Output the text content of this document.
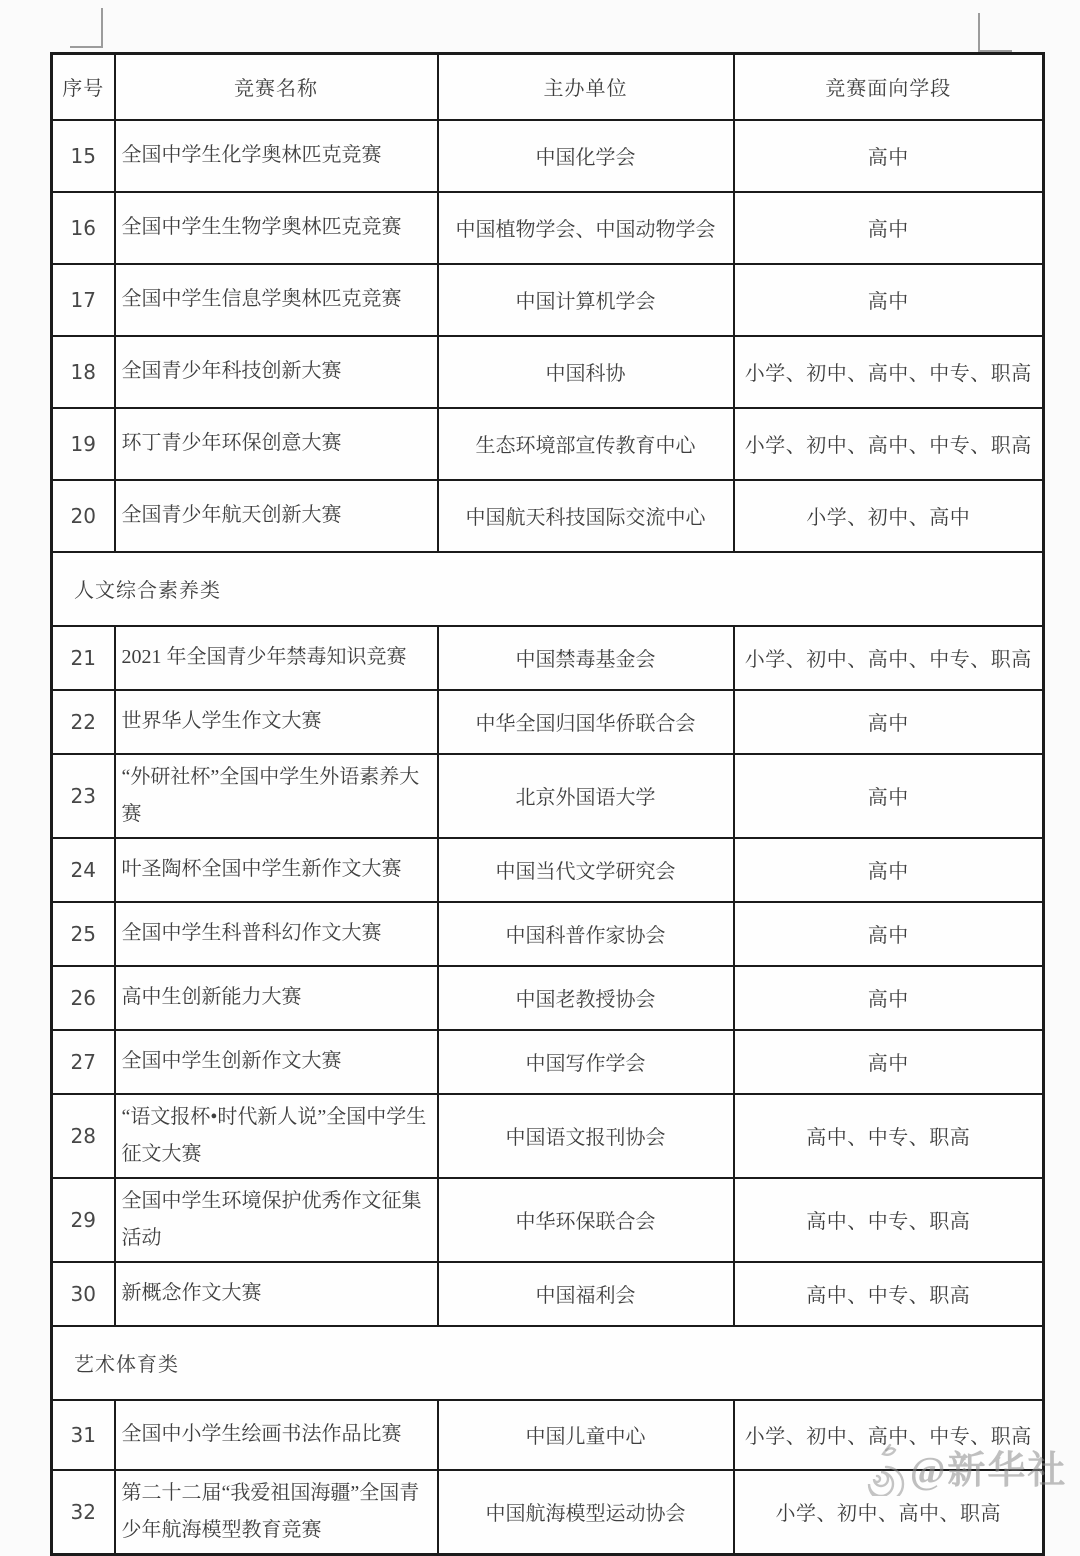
序号	竞赛名称	主办单位	竞赛面向学段
15	全国中学生化学奥林匹克竞赛	中国化学会	高中
16	全国中学生生物学奥林匹克竞赛	中国植物学会、中国动物学会	高中
17	全国中学生信息学奥林匹克竞赛	中国计算机学会	高中
18	全国青少年科技创新大赛	中国科协	小学、初中、高中、中专、职高
19	环丁青少年环保创意大赛	生态环境部宣传教育中心	小学、初中、高中、中专、职高
20	全国青少年航天创新大赛	中国航天科技国际交流中心	小学、初中、高中
人文综合素养类			
21	2021 年全国青少年禁毒知识竞赛	中国禁毒基金会	小学、初中、高中、中专、职高
22	世界华人学生作文大赛	中华全国归国华侨联合会	高中
23	“外研社杯”全国中学生外语素养大赛	北京外国语大学	高中
24	叶圣陶杯全国中学生新作文大赛	中国当代文学研究会	高中
25	全国中学生科普科幻作文大赛	中国科普作家协会	高中
26	高中生创新能力大赛	中国老教授协会	高中
27	全国中学生创新作文大赛	中国写作学会	高中
28	“语文报杯•时代新人说”全国中学生征文大赛	中国语文报刊协会	高中、中专、职高
29	全国中学生环境保护优秀作文征集活动	中华环保联合会	高中、中专、职高
30	新概念作文大赛	中国福利会	高中、中专、职高
艺术体育类			
31	全国中小学生绘画书法作品比赛	中国儿童中心	小学、初中、高中、中专、职高
32	第二十二届“我爱祖国海疆”全国青少年航海模型教育竞赛	中国航海模型运动协会	小学、初中、高中、职高
@新华社
